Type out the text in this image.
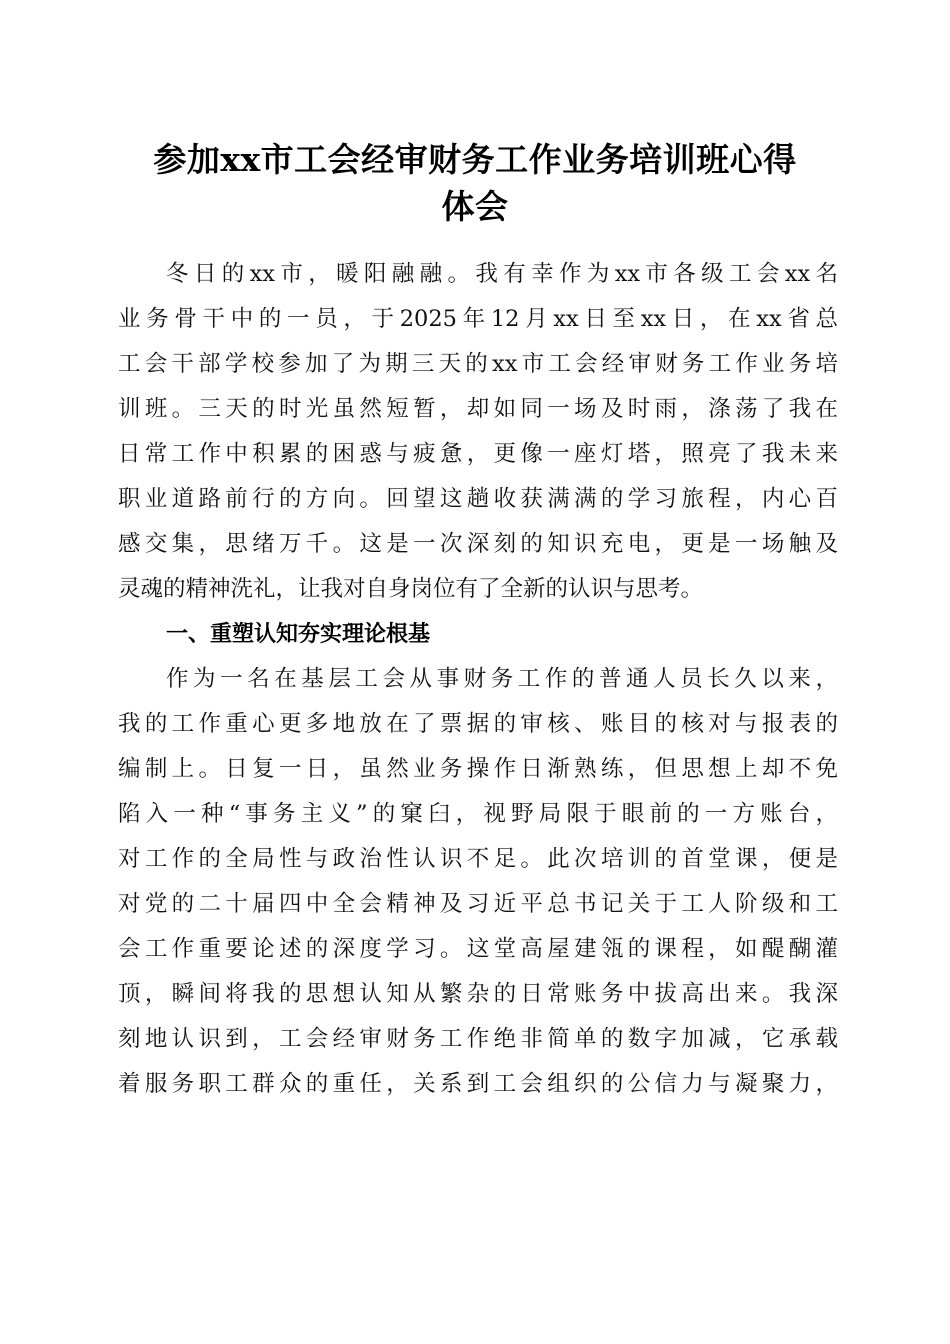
参加xx市工会经审财务工作业务培训班心得
体会
冬日的xx市，暖阳融融。我有幸作为xx市各级工会xx名
业务骨干中的一员，于2025年12月xx日至xx日，在xx省总
工会干部学校参加了为期三天的xx市工会经审财务工作业务培
训班。三天的时光虽然短暂，却如同一场及时雨，涤荡了我在
日常工作中积累的困惑与疲惫，更像一座灯塔，照亮了我未来
职业道路前行的方向。回望这趟收获满满的学习旅程，内心百
感交集，思绪万千。这是一次深刻的知识充电，更是一场触及
灵魂的精神洗礼，让我对自身岗位有了全新的认识与思考。
一、重塑认知夯实理论根基
作为一名在基层工会从事财务工作的普通人员长久以来，
我的工作重心更多地放在了票据的审核、账目的核对与报表的
编制上。日复一日，虽然业务操作日渐熟练，但思想上却不免
陷入一种“事务主义”的窠臼，视野局限于眼前的一方账台，
对工作的全局性与政治性认识不足。此次培训的首堂课，便是
对党的二十届四中全会精神及习近平总书记关于工人阶级和工
会工作重要论述的深度学习。这堂高屋建瓴的课程，如醍醐灌
顶，瞬间将我的思想认知从繁杂的日常账务中拔高出来。我深
刻地认识到，工会经审财务工作绝非简单的数字加减，它承载
着服务职工群众的重任，关系到工会组织的公信力与凝聚力，
